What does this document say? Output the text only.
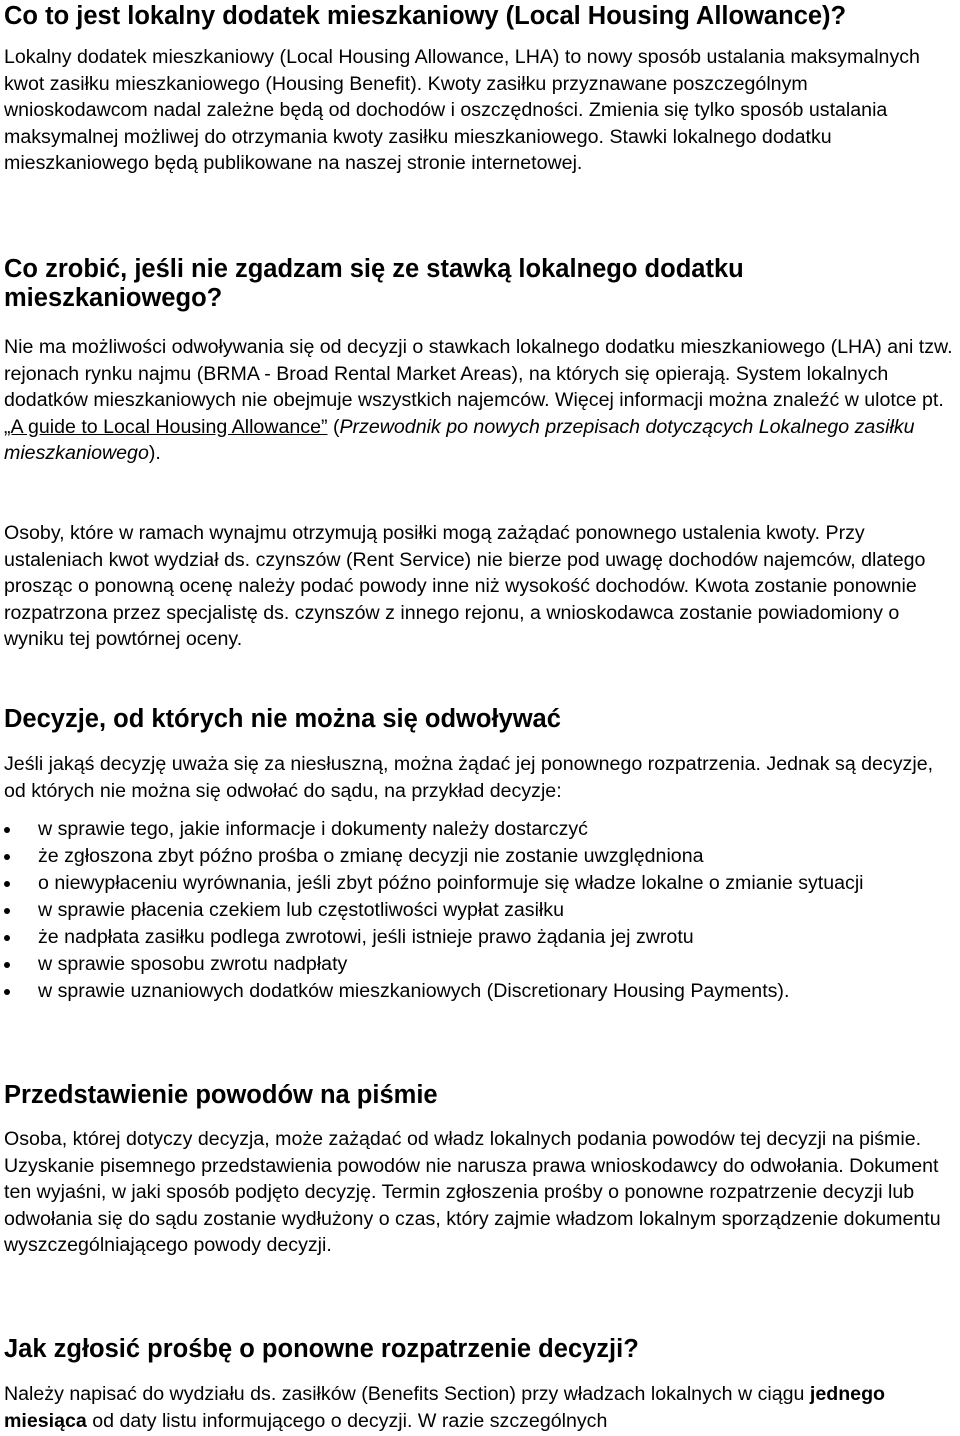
Co to jest lokalny dodatek mieszkaniowy (Local Housing Allowance)?

Lokalny dodatek mieszkaniowy (Local Housing Allowance, LHA) to nowy sposób ustalania maksymalnych kwot zasiłku mieszkaniowego (Housing Benefit). Kwoty zasiłku przyznawane poszczególnym wnioskodawcom nadal zależne będą od dochodów i oszczędności. Zmienia się tylko sposób ustalania maksymalnej możliwej do otrzymania kwoty zasiłku mieszkaniowego. Stawki lokalnego dodatku mieszkaniowego będą publikowane na naszej stronie internetowej.

Co zrobić, jeśli nie zgadzam się ze stawką lokalnego dodatku mieszkaniowego?

Nie ma możliwości odwoływania się od decyzji o stawkach lokalnego dodatku mieszkaniowego (LHA) ani tzw. rejonach rynku najmu (BRMA - Broad Rental Market Areas), na których się opierają. System lokalnych dodatków mieszkaniowych nie obejmuje wszystkich najemców. Więcej informacji można znaleźć w ulotce pt. „A guide to Local Housing Allowance” (Przewodnik po nowych przepisach dotyczących Lokalnego zasiłku mieszkaniowego).

Osoby, które w ramach wynajmu otrzymują posiłki mogą zażądać ponownego ustalenia kwoty. Przy ustaleniach kwot wydział ds. czynszów (Rent Service) nie bierze pod uwagę dochodów najemców, dlatego prosząc o ponowną ocenę należy podać powody inne niż wysokość dochodów. Kwota zostanie ponownie rozpatrzona przez specjalistę ds. czynszów z innego rejonu, a wnioskodawca zostanie powiadomiony o wyniku tej powtórnej oceny.

Decyzje, od których nie można się odwoływać

Jeśli jakąś decyzję uważa się za niesłuszną, można żądać jej ponownego rozpatrzenia. Jednak są decyzje, od których nie można się odwołać do sądu, na przykład decyzje:

w sprawie tego, jakie informacje i dokumenty należy dostarczyć
że zgłoszona zbyt późno prośba o zmianę decyzji nie zostanie uwzględniona
o niewypłaceniu wyrównania, jeśli zbyt późno poinformuje się władze lokalne o zmianie sytuacji
w sprawie płacenia czekiem lub częstotliwości wypłat zasiłku
że nadpłata zasiłku podlega zwrotowi, jeśli istnieje prawo żądania jej zwrotu
w sprawie sposobu zwrotu nadpłaty
w sprawie uznaniowych dodatków mieszkaniowych (Discretionary Housing Payments).
Przedstawienie powodów na piśmie

Osoba, której dotyczy decyzja, może zażądać od władz lokalnych podania powodów tej decyzji na piśmie. Uzyskanie pisemnego przedstawienia powodów nie narusza prawa wnioskodawcy do odwołania. Dokument ten wyjaśni, w jaki sposób podjęto decyzję. Termin zgłoszenia prośby o ponowne rozpatrzenie decyzji lub odwołania się do sądu zostanie wydłużony o czas, który zajmie władzom lokalnym sporządzenie dokumentu wyszczególniającego powody decyzji.

Jak zgłosić prośbę o ponowne rozpatrzenie decyzji?

Należy napisać do wydziału ds. zasiłków (Benefits Section) przy władzach lokalnych w ciągu jednego miesiąca od daty listu informującego o decyzji. W razie szczególnych
